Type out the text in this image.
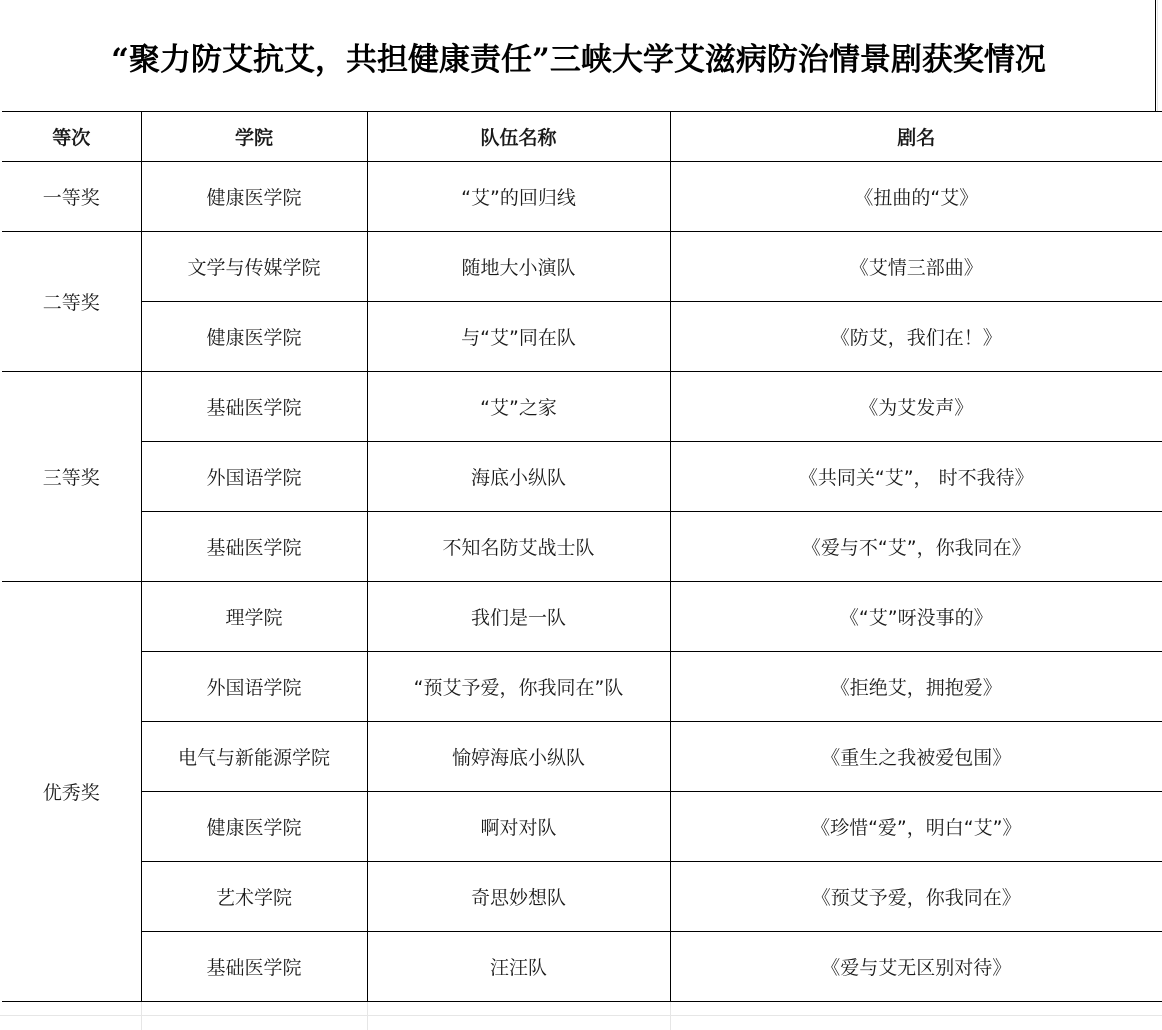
“聚力防艾抗艾，共担健康责任”三峡大学艾滋病防治情景剧获奖情况
等次	学院	队伍名称	剧名
一等奖	健康医学院	“艾”的回归线	《扭曲的“艾》
二等奖	文学与传媒学院	随地大小演队	《艾情三部曲》
	健康医学院	与“艾”同在队	《防艾，我们在！》
三等奖	基础医学院	“艾”之家	《为艾发声》
	外国语学院	海底小纵队	《共同关“艾”， 时不我待》
	基础医学院	不知名防艾战士队	《爱与不“艾”，你我同在》
优秀奖	理学院	我们是一队	《“艾”呀没事的》
	外国语学院	“预艾予爱，你我同在”队	《拒绝艾，拥抱爱》
	电气与新能源学院	愉婷海底小纵队	《重生之我被爱包围》
	健康医学院	啊对对队	《珍惜“爱”，明白“艾”》
	艺术学院	奇思妙想队	《预艾予爱，你我同在》
	基础医学院	汪汪队	《爱与艾无区别对待》
